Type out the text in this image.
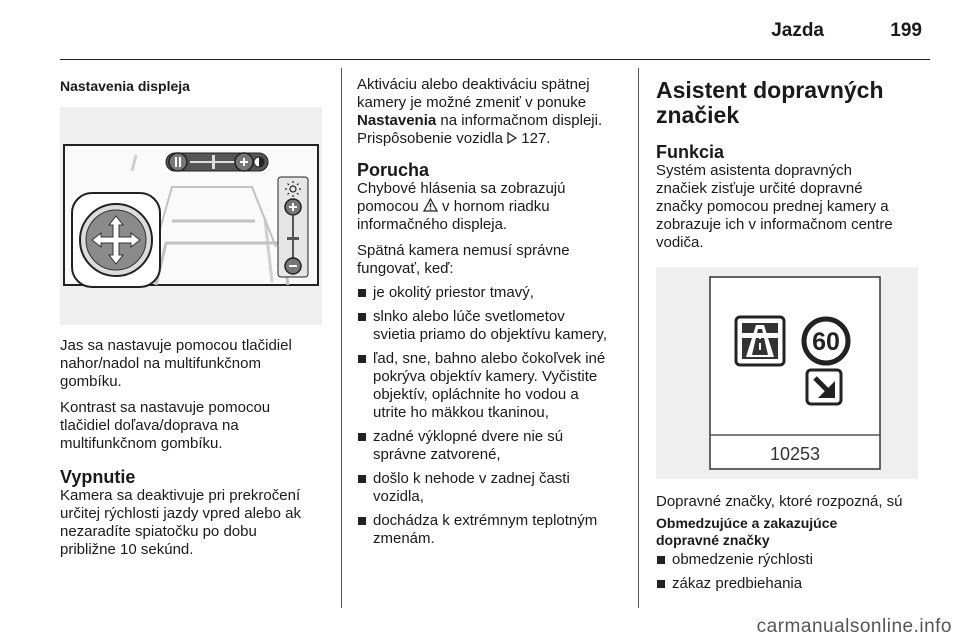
Jazda	199
Nastavenia displeja

Jas sa nastavuje pomocou tlačidiel
nahor/nadol na multifunkčnom
gombíku.

Kontrast sa nastavuje pomocou
tlačidiel doľava/doprava na
multifunkčnom gombíku.

Vypnutie

Kamera sa deaktivuje pri prekročení
určitej rýchlosti jazdy vpred alebo ak
nezaradíte spiatočku po dobu
približne 10 sekúnd.

Aktiváciu alebo deaktiváciu spätnej
kamery je možné zmeniť v ponuke
Nastavenia na informačnom displeji.
Prispôsobenie vozidla 127.

Porucha

Chybové hlásenia sa zobrazujú
pomocou  v hornom riadku
informačného displeja.

Spätná kamera nemusí správne
fungovať, keď:

je okolitý priestor tmavý,
slnko alebo lúče svetlometov
svietia priamo do objektívu kamery,
ľad, sne, bahno alebo čokoľvek iné
pokrýva objektív kamery. Vyčistite
objektív, opláchnite ho vodou a
utrite ho mäkkou tkaninou,
zadné výklopné dvere nie sú
správne zatvorené,
došlo k nehode v zadnej časti
vozidla,
dochádza k extrémnym teplotným
zmenám.
Asistent dopravných
značiek
Funkcia

Systém asistenta dopravných
značiek zisťuje určité dopravné
značky pomocou prednej kamery a
zobrazuje ich v informačnom centre
vodiča.

60
10253

Dopravné značky, ktoré rozpozná, sú

Obmedzujúce a zakazujúce
dopravné značky
obmedzenie rýchlosti
zákaz predbiehania
carmanualsonline.info
